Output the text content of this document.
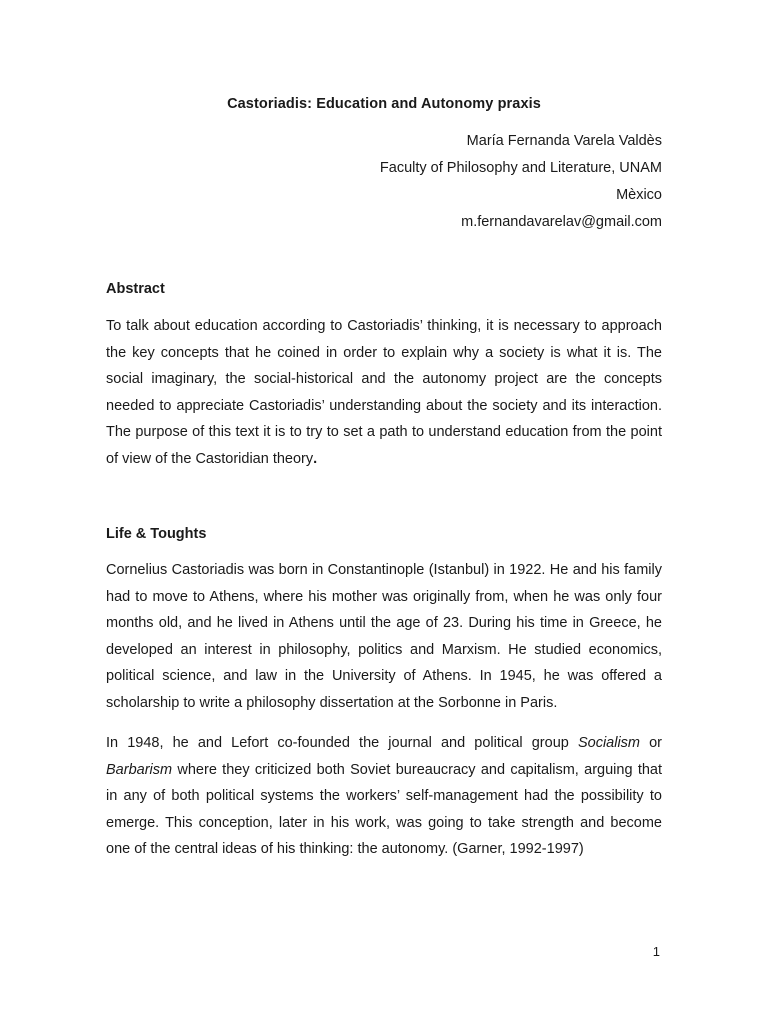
Castoriadis: Education and Autonomy praxis
María Fernanda Varela Valdès
Faculty of Philosophy and Literature, UNAM
Mèxico
m.fernandavarelav@gmail.com
Abstract

To talk about education according to Castoriadis’ thinking, it is necessary to approach the key concepts that he coined in order to explain why a society is what it is. The social imaginary, the social-historical and the autonomy project are the concepts needed to appreciate Castoriadis’ understanding about the society and its interaction. The purpose of this text it is to try to set a path to understand education from the point of view of the Castoridian theory.

Life & Toughts

Cornelius Castoriadis was born in Constantinople (Istanbul) in 1922. He and his family had to move to Athens, where his mother was originally from, when he was only four months old, and he lived in Athens until the age of 23. During his time in Greece, he developed an interest in philosophy, politics and Marxism. He studied economics, political science, and law in the University of Athens. In 1945, he was offered a scholarship to write a philosophy dissertation at the Sorbonne in Paris.

In 1948, he and Lefort co-founded the journal and political group Socialism or Barbarism where they criticized both Soviet bureaucracy and capitalism, arguing that in any of both political systems the workers’ self-management had the possibility to emerge. This conception, later in his work, was going to take strength and become one of the central ideas of his thinking: the autonomy. (Garner, 1992-1997)

1
